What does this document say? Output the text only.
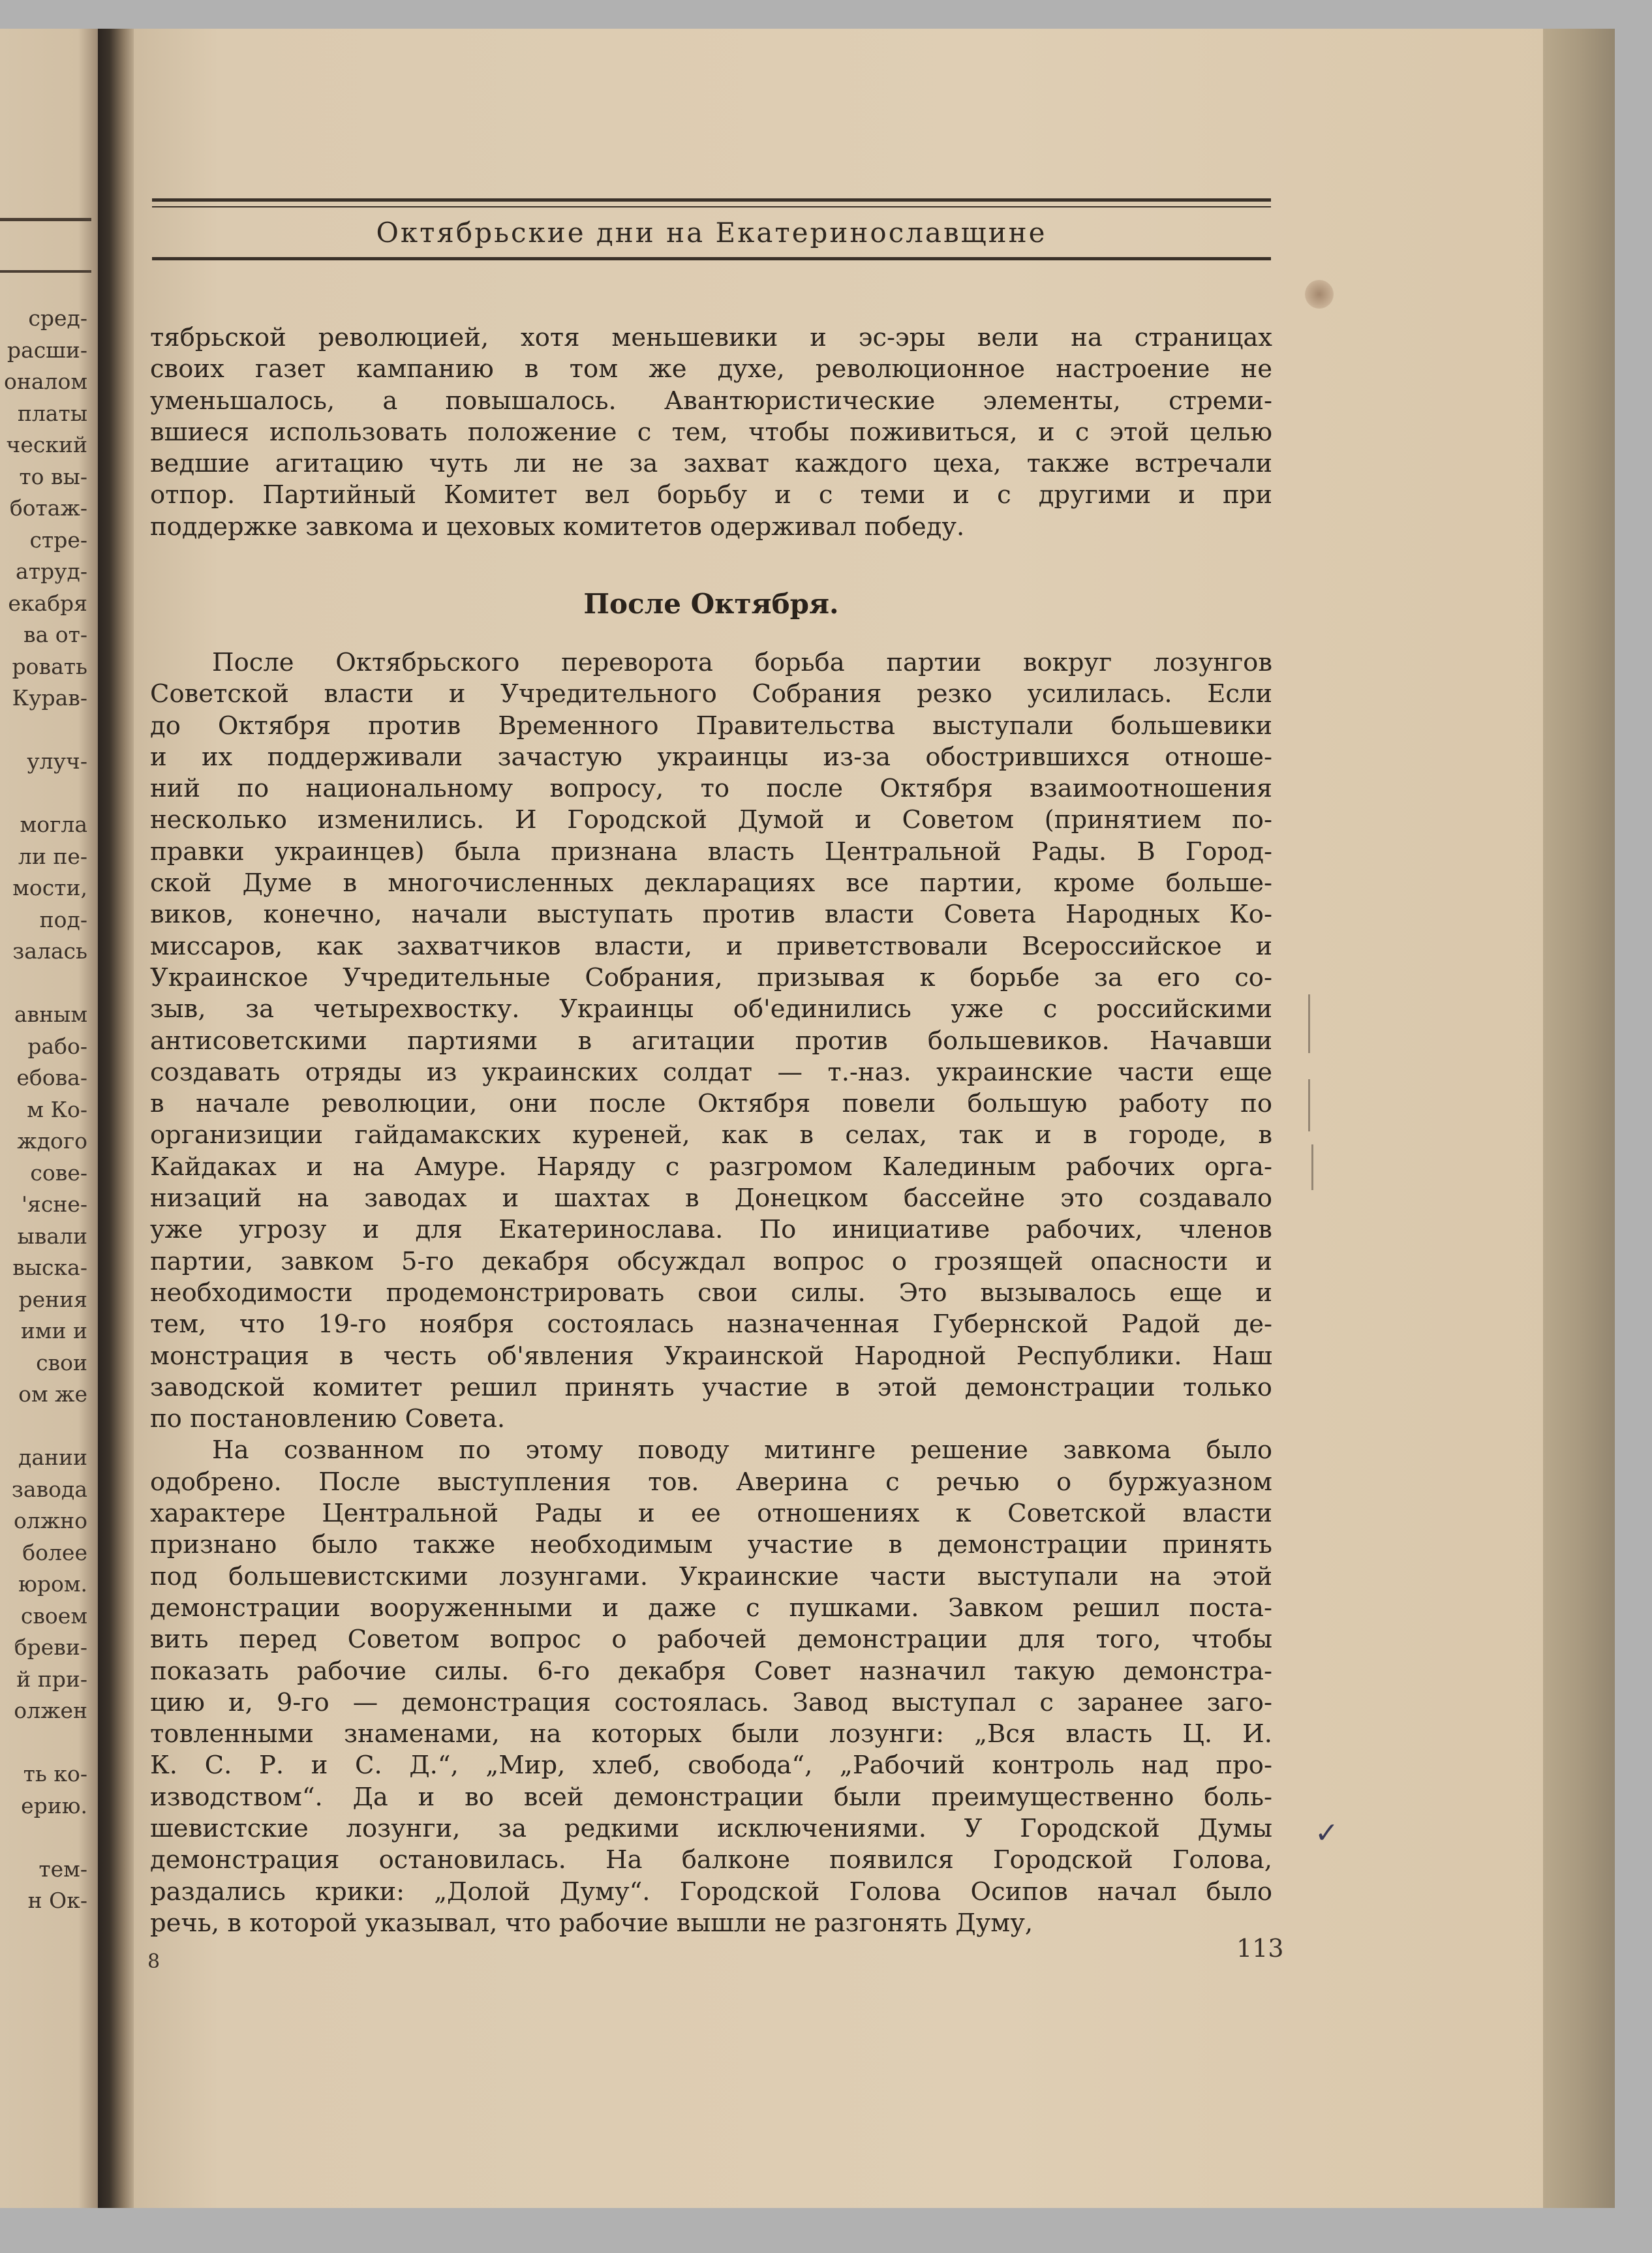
сред-
расши-
оналом
платы
ческий
то вы-
ботаж-
стре-
атруд-
екабря
ва от-
ровать
Курав-
улуч-
могла
ли пе-
мости,
под-
залась
авным
рабо-
ебова-
м Ко-
ждого
сове-
'ясне-
ывали
выска-
рения
ими и
свои
ом же
дании
завода
олжно
более
юром.
своем
бреви-
й при-
олжен
ть ко-
ерию.
тем-
н Ок-
Октябрьские дни на Екатеринославщине
тябрьской революцией, хотя меньшевики и эс-эры вели на страницах
своих газет кампанию в том же духе, революционное настроение не
уменьшалось, а повышалось. Авантюристические элементы, стреми-
вшиеся использовать положение с тем, чтобы поживиться, и с этой целью
ведшие агитацию чуть ли не за захват каждого цеха, также встречали
отпор. Партийный Комитет вел борьбу и с теми и с другими и при
поддержке завкома и цеховых комитетов одерживал победу.
После Октября.
После Октябрьского переворота борьба партии вокруг лозунгов
Советской власти и Учредительного Собрания резко усилилась. Если
до Октября против Временного Правительства выступали большевики
и их поддерживали зачастую украинцы из-за обострившихся отноше-
ний по национальному вопросу, то после Октября взаимоотношения
несколько изменились. И Городской Думой и Советом (принятием по-
правки украинцев) была признана власть Центральной Рады. В Город-
ской Думе в многочисленных декларациях все партии, кроме больше-
виков, конечно, начали выступать против власти Совета Народных Ко-
миссаров, как захватчиков власти, и приветствовали Всероссийское и
Украинское Учредительные Собрания, призывая к борьбе за его со-
зыв, за четырехвостку. Украинцы об'единились уже с российскими
антисоветскими партиями в агитации против большевиков. Начавши
создавать отряды из украинских солдат — т.-наз. украинские части еще
в начале революции, они после Октября повели большую работу по
организиции гайдамакских куреней, как в селах, так и в городе, в
Кайдаках и на Амуре. Наряду с разгромом Калединым рабочих орга-
низаций на заводах и шахтах в Донецком бассейне это создавало
уже угрозу и для Екатеринослава. По инициативе рабочих, членов
партии, завком 5-го декабря обсуждал вопрос о грозящей опасности и
необходимости продемонстрировать свои силы. Это вызывалось еще и
тем, что 19-го ноября состоялась назначенная Губернской Радой де-
монстрация в честь об'явления Украинской Народной Республики. Наш
заводской комитет решил принять участие в этой демонстрации только
по постановлению Совета.
На созванном по этому поводу митинге решение завкома было
одобрено. После выступления тов. Аверина с речью о буржуазном
характере Центральной Рады и ее отношениях к Советской власти
признано было также необходимым участие в демонстрации принять
под большевистскими лозунгами. Украинские части выступали на этой
демонстрации вооруженными и даже с пушками. Завком решил поста-
вить перед Советом вопрос о рабочей демонстрации для того, чтобы
показать рабочие силы. 6-го декабря Совет назначил такую демонстра-
цию и, 9-го — демонстрация состоялась. Завод выступал с заранее заго-
товленными знаменами, на которых были лозунги: „Вся власть Ц. И.
К. С. Р. и С. Д.“, „Мир, хлеб, свобода“, „Рабочий контроль над про-
изводством“. Да и во всей демонстрации были преимущественно боль-
шевистские лозунги, за редкими исключениями. У Городской Думы
демонстрация остановилась. На балконе появился Городской Голова,
раздались крики: „Долой Думу“. Городской Голова Осипов начал было
речь, в которой указывал, что рабочие вышли не разгонять Думу,
8	113
✓
